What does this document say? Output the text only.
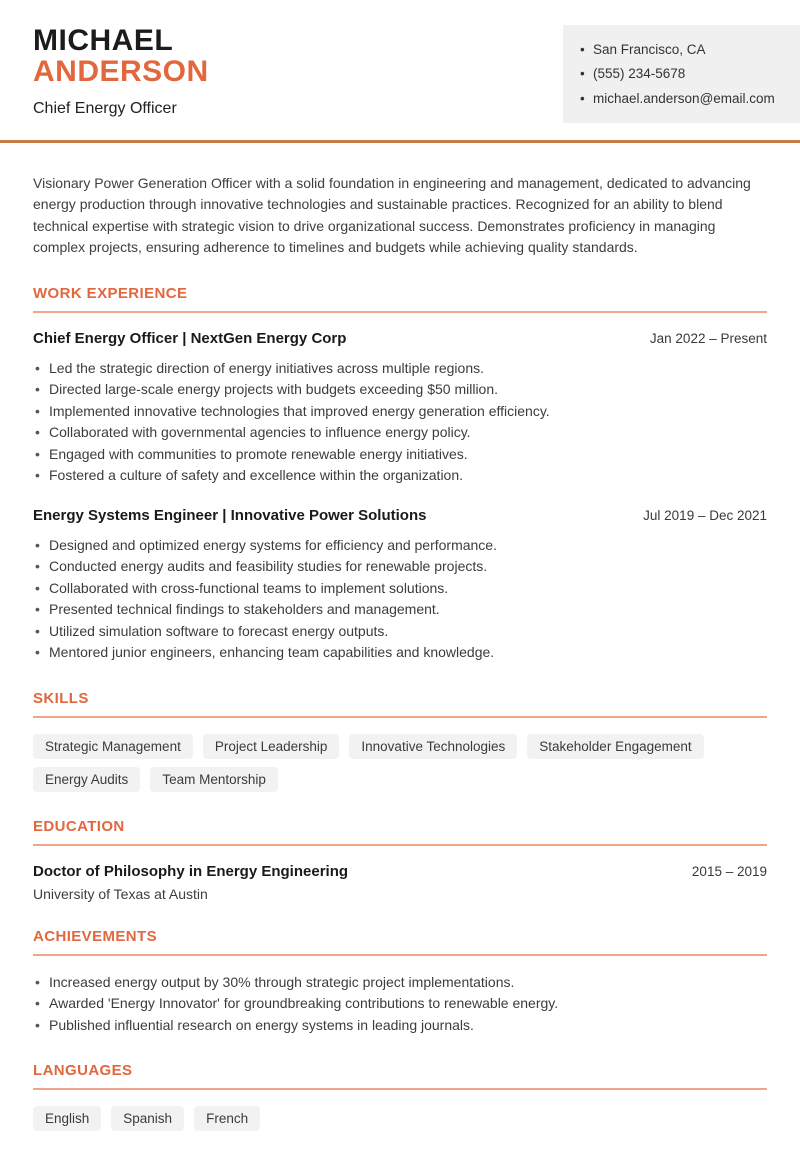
MICHAEL
ANDERSON
Chief Energy Officer
• San Francisco, CA
• (555) 234-5678
• michael.anderson@email.com

Visionary Power Generation Officer with a solid foundation in engineering and management, dedicated to advancing energy production through innovative technologies and sustainable practices. Recognized for an ability to blend technical expertise with strategic vision to drive organizational success. Demonstrates proficiency in managing complex projects, ensuring adherence to timelines and budgets while achieving quality standards.

WORK EXPERIENCE
Chief Energy Officer | NextGen Energy Corp	Jan 2022 – Present
• Led the strategic direction of energy initiatives across multiple regions.
• Directed large-scale energy projects with budgets exceeding $50 million.
• Implemented innovative technologies that improved energy generation efficiency.
• Collaborated with governmental agencies to influence energy policy.
• Engaged with communities to promote renewable energy initiatives.
• Fostered a culture of safety and excellence within the organization.
Energy Systems Engineer | Innovative Power Solutions	Jul 2019 – Dec 2021
• Designed and optimized energy systems for efficiency and performance.
• Conducted energy audits and feasibility studies for renewable projects.
• Collaborated with cross-functional teams to implement solutions.
• Presented technical findings to stakeholders and management.
• Utilized simulation software to forecast energy outputs.
• Mentored junior engineers, enhancing team capabilities and knowledge.
SKILLS
Strategic Management	Project Leadership	Innovative Technologies	Stakeholder Engagement
Energy Audits	Team Mentorship
EDUCATION
Doctor of Philosophy in Energy Engineering	2015 – 2019
University of Texas at Austin
ACHIEVEMENTS
• Increased energy output by 30% through strategic project implementations.
• Awarded 'Energy Innovator' for groundbreaking contributions to renewable energy.
• Published influential research on energy systems in leading journals.
LANGUAGES
English	Spanish	French
